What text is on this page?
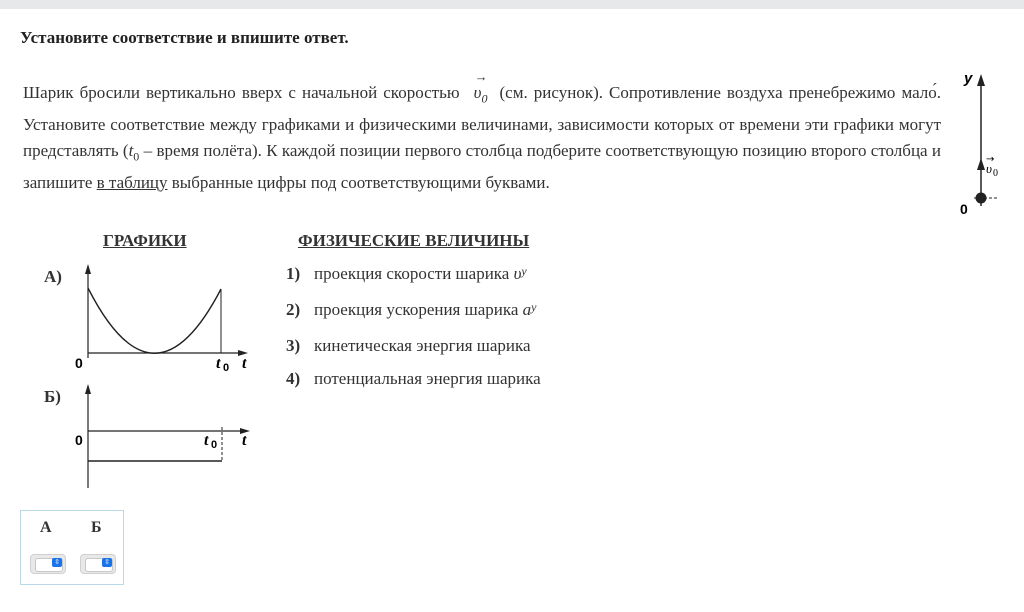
Установите соответствие и впишите ответ.
Шарик бросили вертикально вверх с начальной скоростью
→
$\upsilon_0$ (см. рисунок). Сопротивление воздуха пренебрежимо мало́. Установите соответствие между графиками и физическими величинами, зависимости которых от времени эти графики могут представлять ($t_0$ – время полёта). К каждой позиции первого столбца подберите соответствующую позицию второго столбца и запишите в таблицу выбранные цифры под соответствующими буквами.
y
υ 0
→
0
ГРАФИКИ	ФИЗИЧЕСКИЕ ВЕЛИЧИНЫ
А)
0	t 0 t
Б)
0	t 0 t
1) проекция скорости шарика
υ y
2) проекция ускорения шарика
a y
3) кинетическая энергия шарика
4) потенциальная энергия шарика
А Б
⇳	⇳
